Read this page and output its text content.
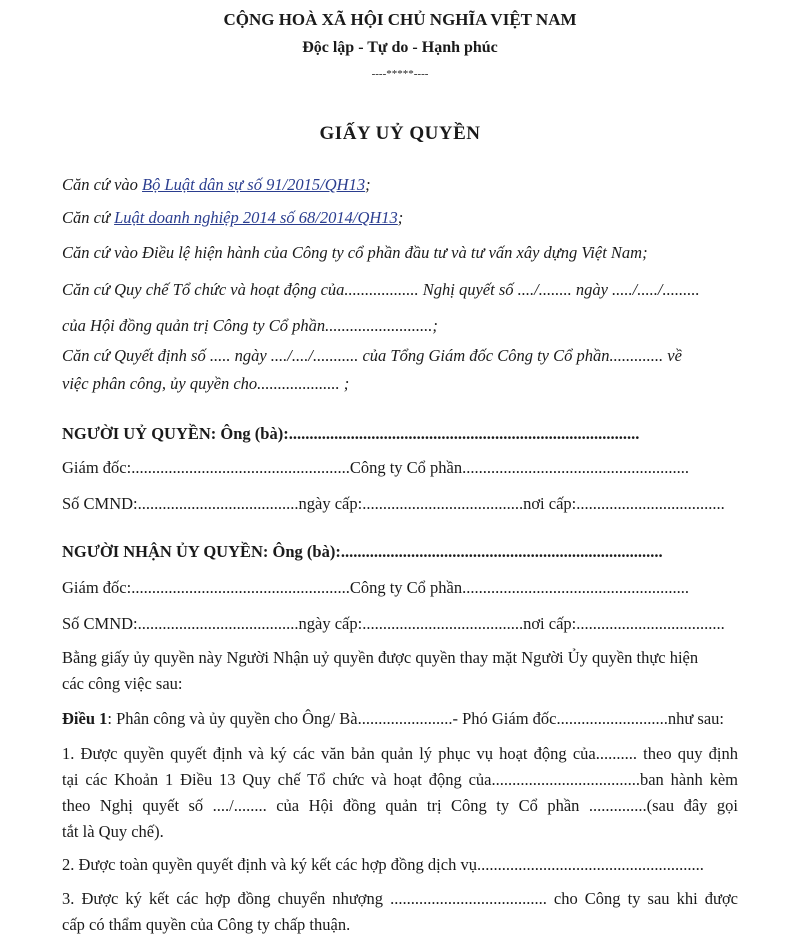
CỘNG HOÀ XÃ HỘI CHỦ NGHĨA VIỆT NAM
Độc lập - Tự do - Hạnh phúc
----*****----
GIẤY UỶ QUYỀN
Căn cứ vào Bộ Luật dân sự số 91/2015/QH13;
Căn cứ Luật doanh nghiệp 2014 số 68/2014/QH13;
Căn cứ vào Điều lệ hiện hành của Công ty cổ phần đầu tư và tư vấn xây dựng Việt Nam;
Căn cứ Quy chế Tổ chức và hoạt động của.................. Nghị quyết số ..../........ ngày ...../...../.........
của Hội đồng quản trị Công ty Cổ phần..........................;
Căn cứ Quyết định số ..... ngày ..../..../........... của Tổng Giám đốc Công ty Cổ phần............. về
việc phân công, ủy quyền cho.................... ;
NGƯỜI UỶ QUYỀN: Ông (bà):.....................................................................................
Giám đốc:.....................................................Công ty Cổ phần.......................................................
Số CMND:.......................................ngày cấp:.......................................nơi cấp:....................................
NGƯỜI NHẬN ỦY QUYỀN: Ông (bà):..............................................................................
Giám đốc:.....................................................Công ty Cổ phần.......................................................
Số CMND:.......................................ngày cấp:.......................................nơi cấp:....................................
Bằng giấy ủy quyền này Người Nhận uỷ quyền được quyền thay mặt Người Ủy quyền thực hiện
các công việc sau:
Điều 1: Phân công và ủy quyền cho Ông/ Bà.......................- Phó Giám đốc...........................như sau:
1. Được quyền quyết định và ký các văn bản quản lý phục vụ hoạt động của.......... theo quy định
tại các Khoản 1 Điều 13 Quy chế Tổ chức và hoạt động của....................................ban hành kèm
theo Nghị quyết số ..../........ của Hội đồng quản trị Công ty Cổ phần ..............(sau đây gọi
tắt là Quy chế).
2. Được toàn quyền quyết định và ký kết các hợp đồng dịch vụ.......................................................
3. Được ký kết các hợp đồng chuyển nhượng ...................................... cho Công ty sau khi được
cấp có thẩm quyền của Công ty chấp thuận.
